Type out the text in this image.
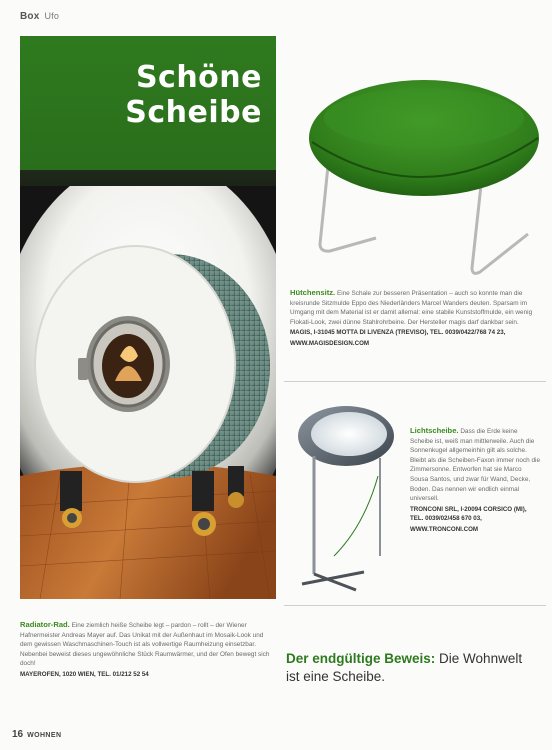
Box Ufo
Schöne
Scheibe
Hütchensitz. Eine Schale zur besseren Präsentation – auch so konnte man die kreisrunde Sitzmulde Eppo des Niederländers Marcel Wanders deuten. Sparsam im Umgang mit dem Material ist er damit allemal: eine stabile Kunststoffmulde, ein wenig Flokati-Look, zwei dünne Stahlrohrbeine. Der Hersteller magis darf dankbar sein.
MAGIS, I-31045 MOTTA DI LIVENZA (TREVISO), TEL. 0039/0422/768 74 23,
WWW.MAGISDESIGN.COM
Lichtscheibe. Dass die Erde keine Scheibe ist, weiß man mittlerweile. Auch die Sonnenkugel allgemeinhin gilt als solche. Bleibt als die Scheiben-Faxon immer noch die Zimmersonne. Entworfen hat sie Marco Sousa Santos, und zwar für Wand, Decke, Boden. Das nennen wir endlich einmal universell.
TRONCONI SRL, I-20094 CORSICO (MI), TEL. 0039/02/458 670 03,
WWW.TRONCONI.COM
Radiator-Rad. Eine ziemlich heiße Scheibe legt – pardon – rollt – der Wiener Hafnermeister Andreas Mayer auf. Das Unikat mit der Außenhaut im Mosaik-Look und dem gewissen Waschmaschinen-Touch ist als vollwertige Raumheizung einsetzbar. Nebenbei beweist dieses ungewöhnliche Stück Raumwärmer, und der Ofen bewegt sich doch!
MAYEROFEN, 1020 WIEN, TEL. 01/212 52 54
Der endgültige Beweis: Die Wohnwelt ist eine Scheibe.
16 WOHNEN
